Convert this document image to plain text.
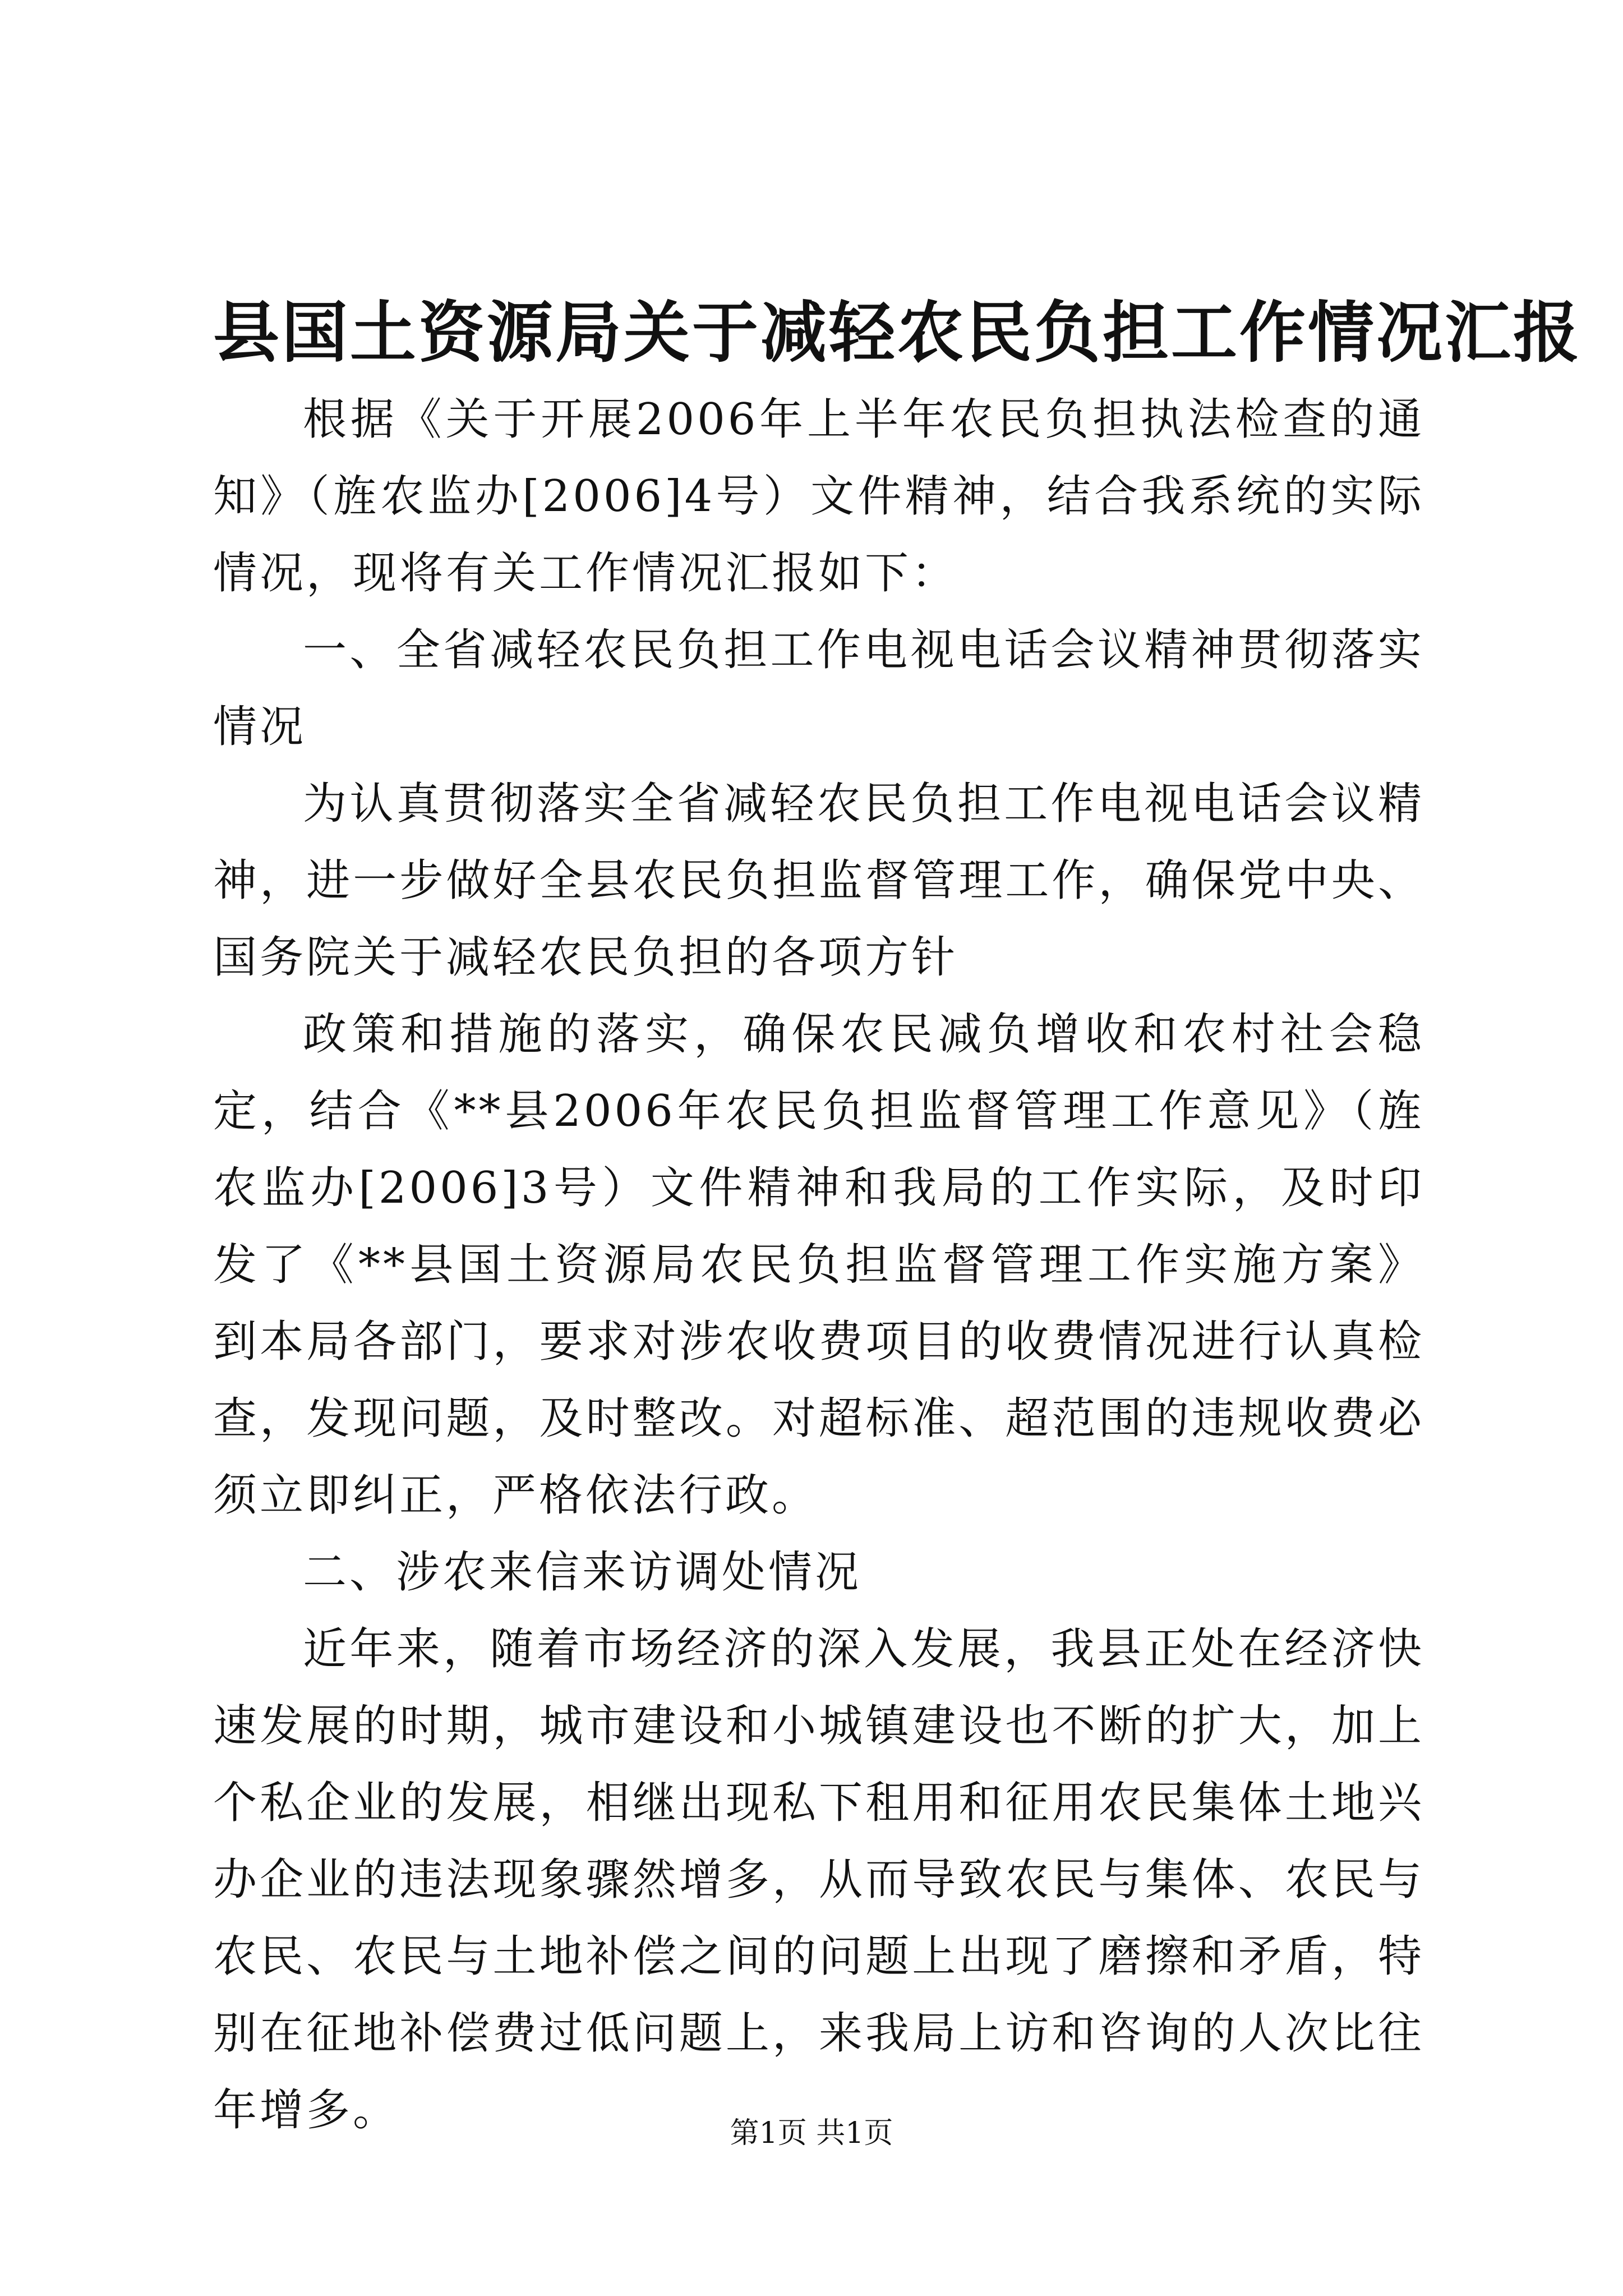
县国土资源局关于减轻农民负担工作情况汇报

根据《关于开展2006年上半年农民负担执法检查的通知》（旌农监办[2006]4号）文件精神，结合我系统的实际情况，现将有关工作情况汇报如下：

一、全省减轻农民负担工作电视电话会议精神贯彻落实情况

为认真贯彻落实全省减轻农民负担工作电视电话会议精神，进一步做好全县农民负担监督管理工作，确保党中央、国务院关于减轻农民负担的各项方针

政策和措施的落实，确保农民减负增收和农村社会稳定，结合《**县2006年农民负担监督管理工作意见》（旌农监办[2006]3号）文件精神和我局的工作实际，及时印发了《**县国土资源局农民负担监督管理工作实施方案》到本局各部门，要求对涉农收费项目的收费情况进行认真检查，发现问题，及时整改。对超标准、超范围的违规收费必须立即纠正，严格依法行政。

二、涉农来信来访调处情况

近年来，随着市场经济的深入发展，我县正处在经济快速发展的时期，城市建设和小城镇建设也不断的扩大，加上个私企业的发展，相继出现私下租用和征用农民集体土地兴办企业的违法现象骤然增多，从而导致农民与集体、农民与农民、农民与土地补偿之间的问题上出现了磨擦和矛盾，特别在征地补偿费过低问题上，来我局上访和咨询的人次比往年增多。	第1页 共1页
